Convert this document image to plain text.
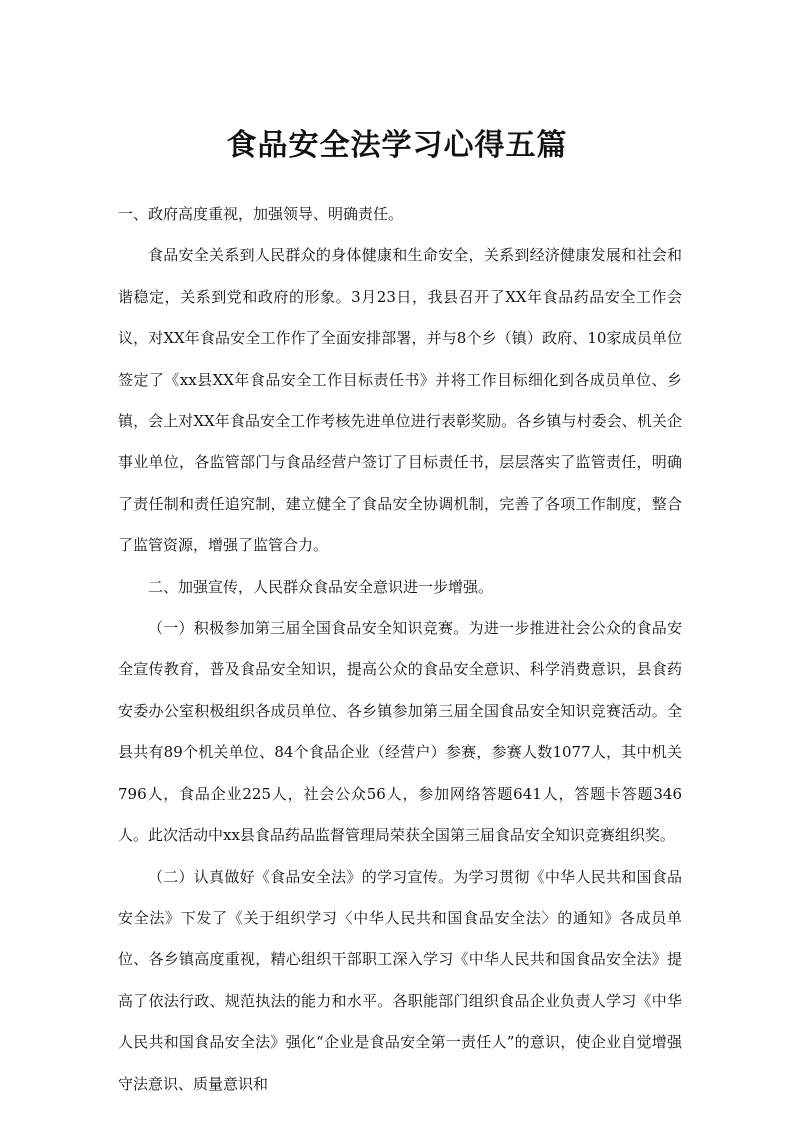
食品安全法学习心得五篇

一、政府高度重视，加强领导、明确责任。

食品安全关系到人民群众的身体健康和生命安全，关系到经济健康发展和社会和谐稳定，关系到党和政府的形象。3月23日，我县召开了XX年食品药品安全工作会议，对XX年食品安全工作作了全面安排部署，并与8个乡（镇）政府、10家成员单位签定了《xx县XX年食品安全工作目标责任书》并将工作目标细化到各成员单位、乡镇，会上对XX年食品安全工作考核先进单位进行表彰奖励。各乡镇与村委会、机关企事业单位，各监管部门与食品经营户签订了目标责任书，层层落实了监管责任，明确了责任制和责任追究制，建立健全了食品安全协调机制，完善了各项工作制度，整合了监管资源，增强了监管合力。

二、加强宣传，人民群众食品安全意识进一步增强。

（一）积极参加第三届全国食品安全知识竞赛。为进一步推进社会公众的食品安全宣传教育，普及食品安全知识，提高公众的食品安全意识、科学消费意识，县食药安委办公室积极组织各成员单位、各乡镇参加第三届全国食品安全知识竞赛活动。全县共有89个机关单位、84个食品企业（经营户）参赛，参赛人数1077人，其中机关796人，食品企业225人，社会公众56人，参加网络答题641人，答题卡答题346人。此次活动中xx县食品药品监督管理局荣获全国第三届食品安全知识竞赛组织奖。

（二）认真做好《食品安全法》的学习宣传。为学习贯彻《中华人民共和国食品安全法》下发了《关于组织学习〈中华人民共和国食品安全法〉的通知》各成员单位、各乡镇高度重视，精心组织干部职工深入学习《中华人民共和国食品安全法》提高了依法行政、规范执法的能力和水平。各职能部门组织食品企业负责人学习《中华人民共和国食品安全法》强化“企业是食品安全第一责任人”的意识，使企业自觉增强守法意识、质量意识和
